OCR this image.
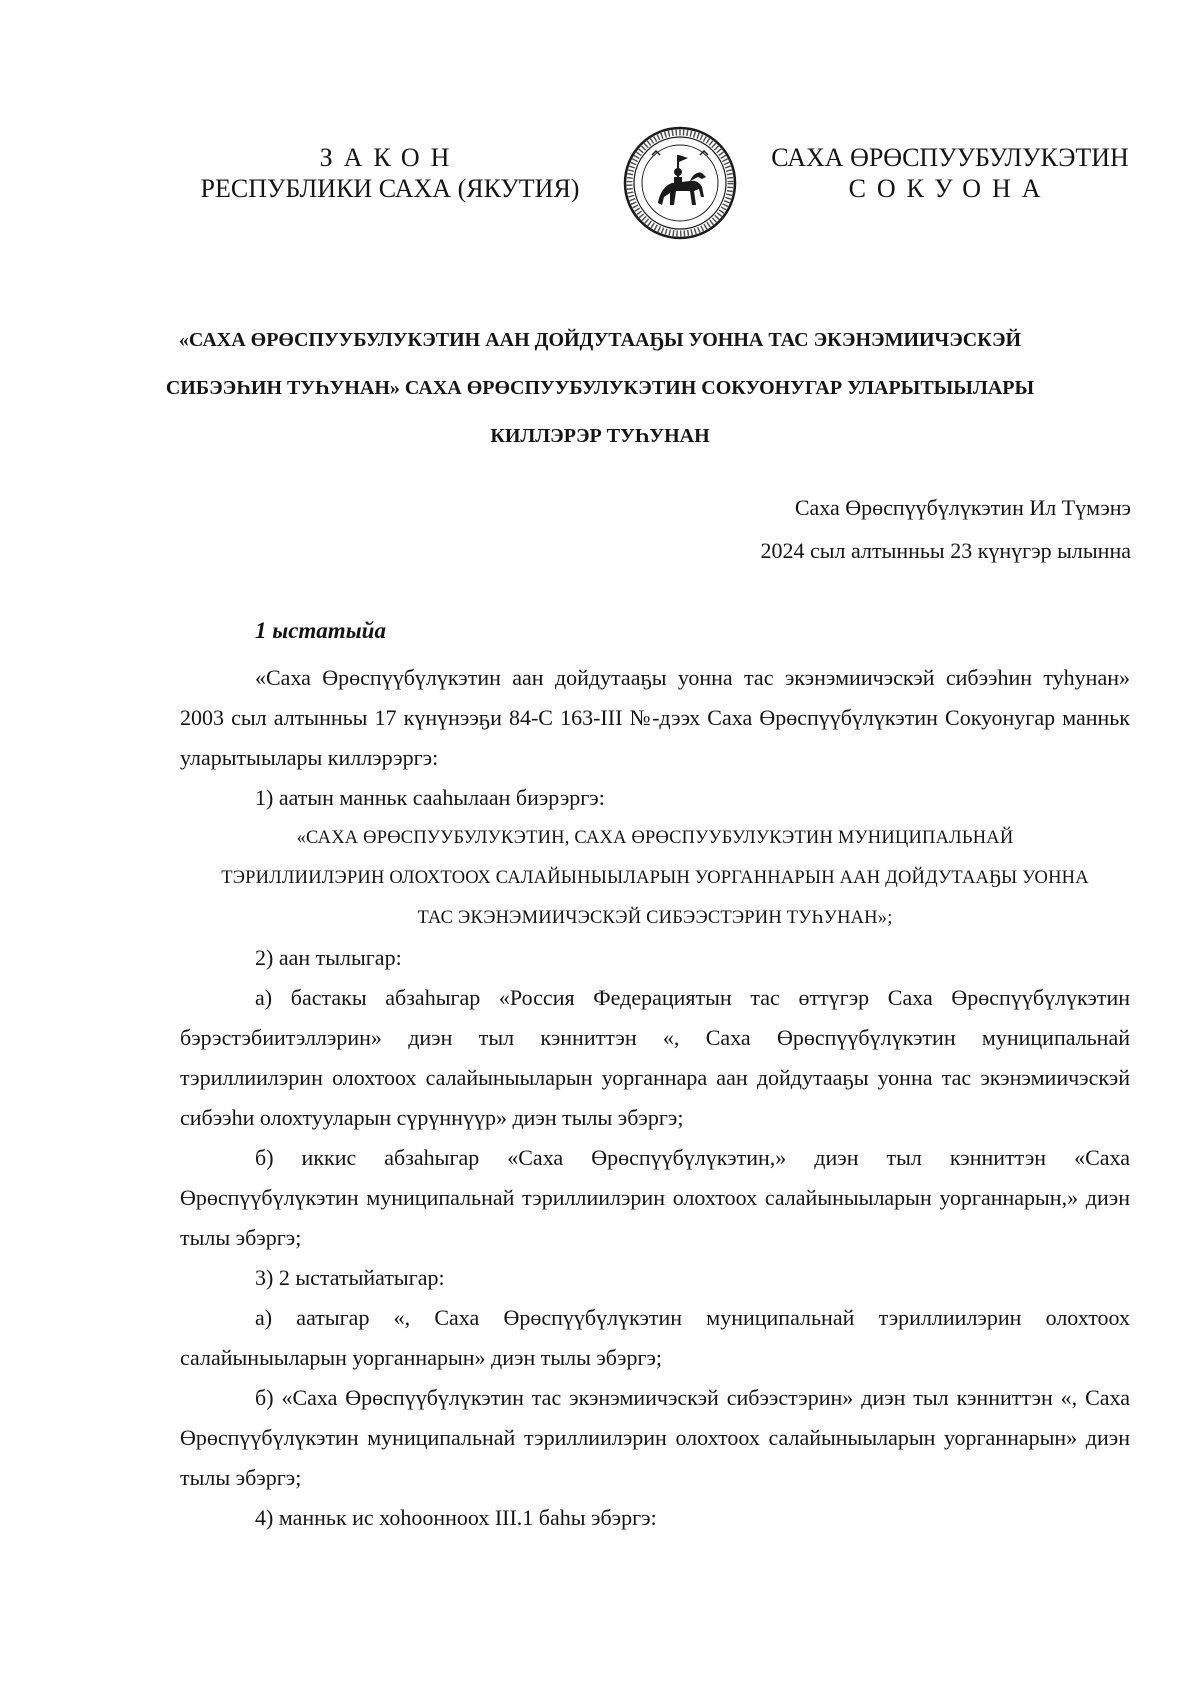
ЗАКОН
РЕСПУБЛИКИ САХА (ЯКУТИЯ)
САХА ӨРӨСПУУБУЛУКЭТИН
СОКУОНА
«САХА ӨРӨСПУУБУЛУКЭТИН ААН ДОЙДУТААҔЫ УОННА ТАС ЭКЭНЭМИИЧЭСКЭЙ
СИБЭЭҺИН ТУҺУНАН» САХА ӨРӨСПУУБУЛУКЭТИН СОКУОНУГАР УЛАРЫТЫЫЛАРЫ
КИЛЛЭРЭР ТУҺУНАН
Саха Өрөспүүбүлүкэтин Ил Түмэнэ
2024 сыл алтынньы 23 күнүгэр ылынна
1 ыстатыйа

«Саха Өрөспүүбүлүкэтин аан дойдутааҕы уонна тас экэнэмиичэскэй сибээһин туһунан» 2003 сыл алтынньы 17 күнүнээҕи 84-С 163-III №-дээх Саха Өрөспүүбүлүкэтин Сокуонугар манньк уларытыылары киллэрэргэ:

1) аатын манньк сааһылаан биэрэргэ:

«САХА ӨРӨСПУУБУЛУКЭТИН, САХА ӨРӨСПУУБУЛУКЭТИН МУНИЦИПАЛЬНАЙ
ТЭРИЛЛИИЛЭРИН ОЛОХТООХ САЛАЙЫНЫЫЛАРЫН УОРГАННАРЫН ААН ДОЙДУТААҔЫ УОННА
ТАС ЭКЭНЭМИИЧЭСКЭЙ СИБЭЭСТЭРИН ТУҺУНАН»;

2) аан тылыгар:

а) бастакы абзаһыгар «Россия Федерациятын тас өттүгэр Саха Өрөспүүбүлүкэтин бэрэстэбиитэллэрин» диэн тыл кэнниттэн «, Саха Өрөспүүбүлүкэтин муниципальнай тэриллиилэрин олохтоох салайыныыларын уорганнара аан дойдутааҕы уонна тас экэнэмиичэскэй сибээһи олохтууларын сүрүннүүр» диэн тылы эбэргэ;

б) иккис абзаһыгар «Саха Өрөспүүбүлүкэтин,» диэн тыл кэнниттэн «Саха Өрөспүүбүлүкэтин муниципальнай тэриллиилэрин олохтоох салайыныыларын уорганнарын,» диэн тылы эбэргэ;

3) 2 ыстатыйатыгар:

а) аатыгар «, Саха Өрөспүүбүлүкэтин муниципальнай тэриллиилэрин олохтоох салайыныыларын уорганнарын» диэн тылы эбэргэ;

б) «Саха Өрөспүүбүлүкэтин тас экэнэмиичэскэй сибээстэрин» диэн тыл кэнниттэн «, Саха Өрөспүүбүлүкэтин муниципальнай тэриллиилэрин олохтоох салайыныыларын уорганнарын» диэн тылы эбэргэ;

4) манньк ис хоһоонноох III.1 баһы эбэргэ:
